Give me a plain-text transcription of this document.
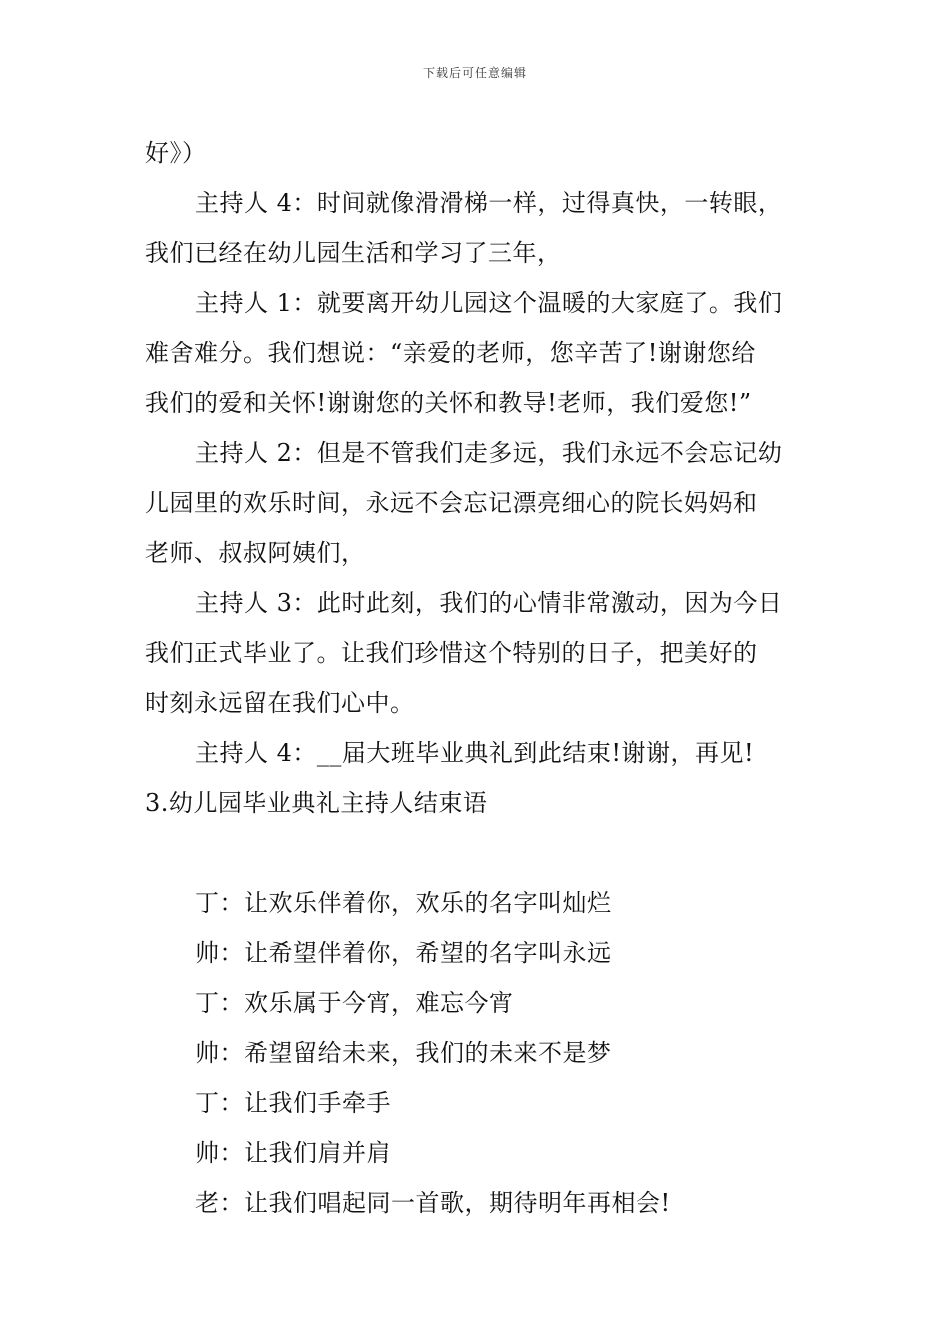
下载后可任意编辑
好》）
主持人 4：时间就像滑滑梯一样，过得真快，一转眼，
我们已经在幼儿园生活和学习了三年，
主持人 1：就要离开幼儿园这个温暖的大家庭了。我们
难舍难分。我们想说：“亲爱的老师，您辛苦了!谢谢您给
我们的爱和关怀!谢谢您的关怀和教导!老师，我们爱您!”
主持人 2：但是不管我们走多远，我们永远不会忘记幼
儿园里的欢乐时间，永远不会忘记漂亮细心的院长妈妈和
老师、叔叔阿姨们，
主持人 3：此时此刻，我们的心情非常激动，因为今日
我们正式毕业了。让我们珍惜这个特别的日子，把美好的
时刻永远留在我们心中。
主持人 4：__届大班毕业典礼到此结束!谢谢，再见!
3.幼儿园毕业典礼主持人结束语
丁：让欢乐伴着你，欢乐的名字叫灿烂
帅：让希望伴着你，希望的名字叫永远
丁：欢乐属于今宵，难忘今宵
帅：希望留给未来，我们的未来不是梦
丁：让我们手牵手
帅：让我们肩并肩
老：让我们唱起同一首歌，期待明年再相会!
